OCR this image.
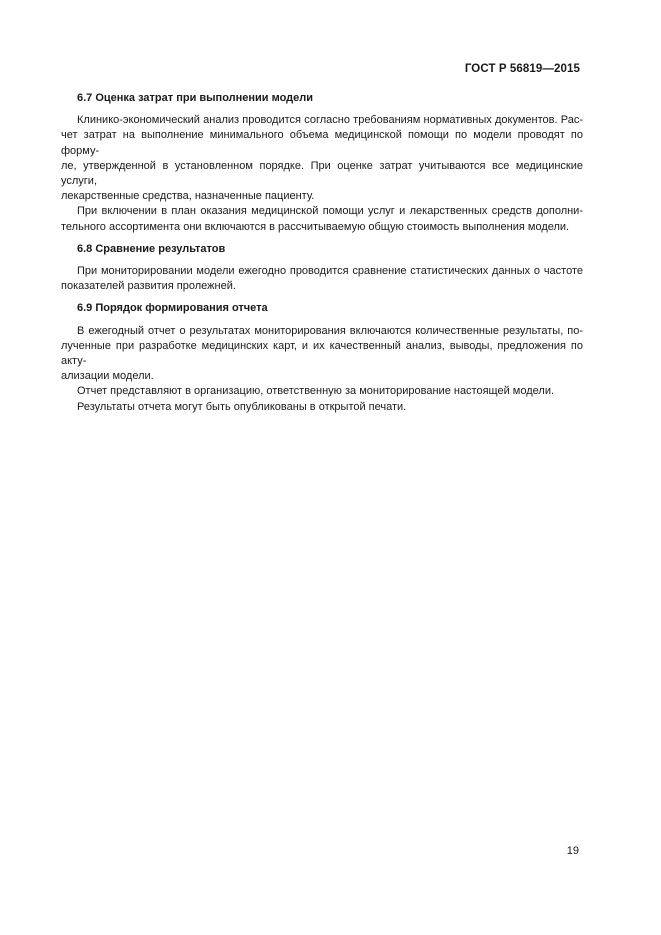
ГОСТ Р 56819—2015
6.7 Оценка затрат при выполнении модели
Клинико-экономический анализ проводится согласно требованиям нормативных документов. Рас-
чет затрат на выполнение минимального объема медицинской помощи по модели проводят по форму-
ле, утвержденной в установленном порядке. При оценке затрат учитываются все медицинские услуги,
лекарственные средства, назначенные пациенту.
При включении в план оказания медицинской помощи услуг и лекарственных средств дополни-
тельного ассортимента они включаются в рассчитываемую общую стоимость выполнения модели.
6.8 Сравнение результатов
При мониторировании модели ежегодно проводится сравнение статистических данных о частоте
показателей развития пролежней.
6.9 Порядок формирования отчета
В ежегодный отчет о результатах мониторирования включаются количественные результаты, по-
лученные при разработке медицинских карт, и их качественный анализ, выводы, предложения по акту-
ализации модели.
Отчет представляют в организацию, ответственную за мониторирование настоящей модели.
Результаты отчета могут быть опубликованы в открытой печати.
19
